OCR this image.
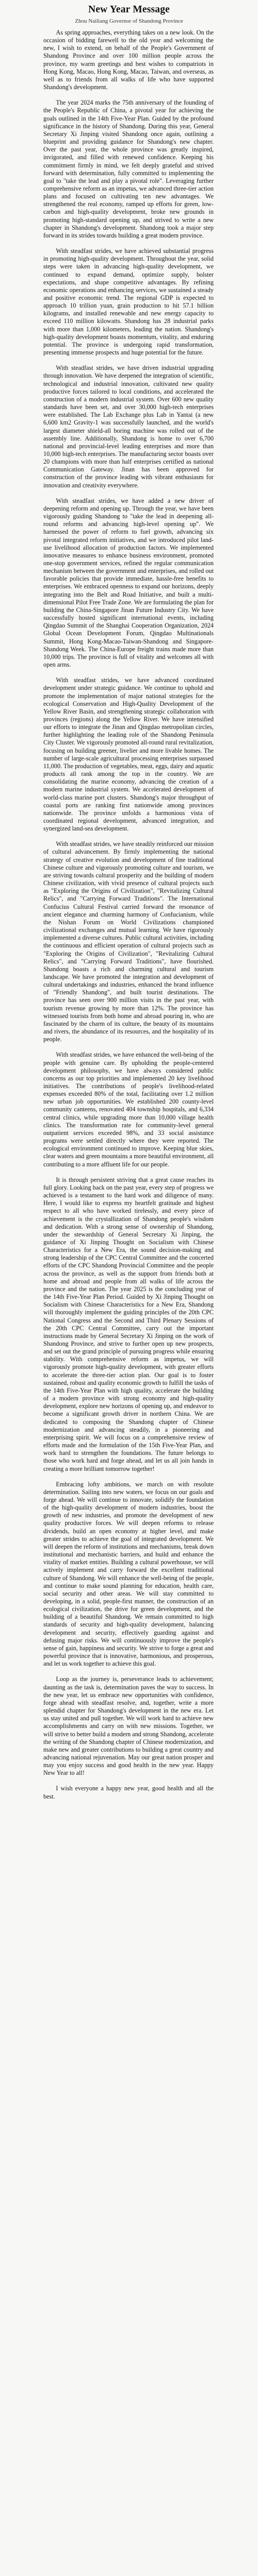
New Year Message
Zhou Nailiang Governor of Shandong Province

As spring approaches, everything takes on a new look. On the occasion of bidding farewell to the old year and welcoming the new, I wish to extend, on behalf of the People's Government of Shandong Province and over 100 million people across the province, my warm greetings and best wishes to compatriots in Hong Kong, Macao, Hong Kong, Macao, Taiwan, and overseas, as well as to friends from all walks of life who have supported Shandong's development.

The year 2024 marks the 75th anniversary of the founding of the People's Republic of China, a pivotal year for achieving the goals outlined in the 14th Five-Year Plan. Guided by the profound significance in the history of Shandong. During this year, General Secretary Xi Jinping visited Shandong once again, outlining a blueprint and providing guidance for Shandong's new chapter. Over the past year, the whole province was greatly inspired, invigorated, and filled with renewed confidence. Keeping his commitment firmly in mind, we felt deeply grateful and strived forward with determination, fully committed to implementing the goal to "take the lead and play a pivotal role". Leveraging further comprehensive reform as an impetus, we advanced three-tier action plans and focused on cultivating ten new advantages. We strengthened the real economy, ramped up efforts for green, low-carbon and high-quality development, broke new grounds in promoting high-standard opening up, and strived to write a new chapter in Shandong's development. Shandong took a major step forward in its strides towards building a great modern province.

With steadfast strides, we have achieved substantial progress in promoting high-quality development. Throughout the year, solid steps were taken in advancing high-quality development, we continued to expand demand, optimize supply, bolster expectations, and shape competitive advantages. By refining economic operations and enhancing services, we sustained a steady and positive economic trend. The regional GDP is expected to approach 10 trillion yuan, grain production to hit 57.1 billion kilograms, and installed renewable and new energy capacity to exceed 110 million kilowatts. Shandong has 28 industrial parks with more than 1,000 kilometers, leading the nation. Shandong's high-quality development boasts momentum, vitality, and enduring potential. The province is undergoing rapid transformation, presenting immense prospects and huge potential for the future.

With steadfast strides, we have driven industrial upgrading through innovation. We have deepened the integration of scientific, technological and industrial innovation, cultivated new quality productive forces tailored to local conditions, and accelerated the construction of a modern industrial system. Over 600 new quality standards have been set, and over 30,000 high-tech enterprises were established. The Lab Exchange plus Lab in Yantai (a new 6,600 km2 Gravity-1 was successfully launched, and the world's largest diameter shield-all boring machine was rolled out of the assembly line. Additionally, Shandong is home to over 6,700 national and provincial-level leading enterprises and more than 10,000 high-tech enterprises. The manufacturing sector boasts over 20 champions with more than half enterprises certified as national Communication Gateway. Jinan has been approved for construction of the province leading with vibrant enthusiasm for innovation and creativity everywhere.

With steadfast strides, we have added a new driver of deepening reform and opening up. Through the year, we have been vigorously guiding Shandong to "take the lead in deepening all-round reforms and advancing high-level opening up". We harnessed the power of reform to fuel growth, advancing six pivotal integrated reform initiatives, and we introduced pilot land-use livelihood allocation of production factors. We implemented innovative measures to enhance business environment, promoted one-stop government services, refined the regular communication mechanism between the government and enterprises, and rolled out favorable policies that provide immediate, hassle-free benefits to enterprises. We embraced openness to expand our horizons, deeply integrating into the Belt and Road Initiative, and built a multi-dimensional Pilot Free Trade Zone. We are formulating the plan for building the China-Singapore Jinan Future Industry City. We have successfully hosted significant international events, including Qingdao Summit of the Shanghai Cooperation Organization, 2024 Global Ocean Development Forum, Qingdao Multinationals Summit, Hong Kong-Macao-Taiwan-Shandong and Singapore-Shandong Week. The China-Europe freight trains made more than 10,000 trips. The province is full of vitality and welcomes all with open arms.

With steadfast strides, we have advanced coordinated development under strategic guidance. We continue to uphold and promote the implementation of major national strategies for the ecological Conservation and High-Quality Development of the Yellow River Basin, and strengthening strategic collaboration with provinces (regions) along the Yellow River. We have intensified our efforts to integrate the Jinan and Qingdao metropolitan circles, further highlighting the leading role of the Shandong Peninsula City Cluster. We vigorously promoted all-round rural revitalization, focusing on building greener, livelier and more livable homes. The number of large-scale agricultural processing enterprises surpassed 11,000. The production of vegetables, meat, eggs, dairy and aquatic products all rank among the top in the country. We are consolidating the marine economy, advancing the creation of a modern marine industrial system. We accelerated development of world-class marine port clusters. Shandong's major throughput of coastal ports are ranking first nationwide among provinces nationwide. The province unfolds a harmonious vista of coordinated regional development, advanced integration, and synergized land-sea development.

With steadfast strides, we have steadily reinforced our mission of cultural advancement. By firmly implementing the national strategy of creative evolution and development of fine traditional Chinese culture and vigorously promoting culture and tourism, we are striving towards cultural prosperity and the building of modern Chinese civilization, with vivid presence of cultural projects such as "Exploring the Origins of Civilization", "Revitalizing Cultural Relics", and "Carrying Forward Traditions". The International Confucius Cultural Festival carried forward the resonance of ancient elegance and charming harmony of Confucianism, while the Nishan Forum on World Civilizations championed civilizational exchanges and mutual learning. We have rigorously implemented a diverse cultures. Public cultural activities, including the continuous and efficient operation of cultural projects such as "Exploring the Origins of Civilization", "Revitalizing Cultural Relics", and "Carrying Forward Traditions", have flourished. Shandong boasts a rich and charming cultural and tourism landscape. We have promoted the integration and development of cultural undertakings and industries, enhanced the brand influence of "Friendly Shandong", and built tourist destinations. The province has seen over 900 million visits in the past year, with tourism revenue growing by more than 12%. The province has witnessed tourists from both home and abroad pouring in, who are fascinated by the charm of its culture, the beauty of its mountains and rivers, the abundance of its resources, and the hospitality of its people.

With steadfast strides, we have enhanced the well-being of the people with genuine care. By upholding the people-centered development philosophy, we have always considered public concerns as our top priorities and implemented 20 key livelihood initiatives. The contributions of people's livelihood-related expenses exceeded 80% of the total, facilitating over 1.2 million new urban job opportunities. We established 200 county-level community canteens, renovated 404 township hospitals, and 6,334 central clinics, while upgrading more than 10,000 village health clinics. The transformation rate for community-level general outpatient services exceeded 98%, and 33 social assistance programs were settled directly where they were reported. The ecological environment continued to improve. Keeping blue skies, clear waters and green mountains a more beautiful environment, all contributing to a more affluent life for our people.

It is through persistent striving that a great cause reaches its full glory. Looking back on the past year, every step of progress we achieved is a testament to the hard work and diligence of many. Here, I would like to express my heartfelt gratitude and highest respect to all who have worked tirelessly, and every piece of achievement is the crystallization of Shandong people's wisdom and dedication. With a strong sense of ownership of Shandong, under the stewardship of General Secretary Xi Jinping, the guidance of Xi Jinping Thought on Socialism with Chinese Characteristics for a New Era, the sound decision-making and strong leadership of the CPC Central Committee and the concerted efforts of the CPC Shandong Provincial Committee and the people across the province, as well as the support from friends both at home and abroad and people from all walks of life across the province and the nation. The year 2025 is the concluding year of the 14th Five-Year Plan Period. Guided by Xi Jinping Thought on Socialism with Chinese Characteristics for a New Era, Shandong will thoroughly implement the guiding principles of the 20th CPC National Congress and the Second and Third Plenary Sessions of the 20th CPC Central Committee, carry out the important instructions made by General Secretary Xi Jinping on the work of Shandong Province, and strive to further open up new prospects, and set out the grand principle of pursuing progress while ensuring stability. With comprehensive reform as impetus, we will vigorously promote high-quality development, with greater efforts to accelerate the three-tier action plan. Our goal is to foster sustained, robust and quality economic growth to fulfill the tasks of the 14th Five-Year Plan with high quality, accelerate the building of a modern province with strong economy and high-quality development, explore new horizons of opening up, and endeavor to become a significant growth driver in northern China. We are dedicated to composing the Shandong chapter of Chinese modernization and advancing steadily, in a pioneering and enterprising spirit. We will focus on a comprehensive review of efforts made and the formulation of the 15th Five-Year Plan, and work hard to strengthen the foundations. The future belongs to those who work hard and forge ahead, and let us all join hands in creating a more brilliant tomorrow together!

Embracing lofty ambitions, we march on with resolute determination. Sailing into new waters, we focus on our goals and forge ahead. We will continue to innovate, solidify the foundation of the high-quality development of modern industries, boost the growth of new industries, and promote the development of new quality productive forces. We will deepen reforms to release dividends, build an open economy at higher level, and make greater strides to achieve the goal of integrated development. We will deepen the reform of institutions and mechanisms, break down institutional and mechanistic barriers, and build and enhance the vitality of market entities. Building a cultural powerhouse, we will actively implement and carry forward the excellent traditional culture of Shandong. We will enhance the well-being of the people, and continue to make sound planning for education, health care, social security and other areas. We will stay committed to developing, in a solid, people-first manner, the construction of an ecological civilization, the drive for green development, and the building of a beautiful Shandong. We remain committed to high standards of security and high-quality development, balancing development and security, effectively guarding against and defusing major risks. We will continuously improve the people's sense of gain, happiness and security. We strive to forge a great and powerful province that is innovative, harmonious, and prosperous, and let us work together to achieve this goal.

Loop as the journey is, perseverance leads to achievement; daunting as the task is, determination paves the way to success. In the new year, let us embrace new opportunities with confidence, forge ahead with steadfast resolve, and, together, write a more splendid chapter for Shandong's development in the new era. Let us stay united and pull together. We will work hard to achieve new accomplishments and carry on with new missions. Together, we will strive to better build a modern and strong Shandong, accelerate the writing of the Shandong chapter of Chinese modernization, and make new and greater contributions to building a great country and advancing national rejuvenation. May our great nation prosper and may you enjoy success and good health in the new year. Happy New Year to all!

I wish everyone a happy new year, good health and all the best.
